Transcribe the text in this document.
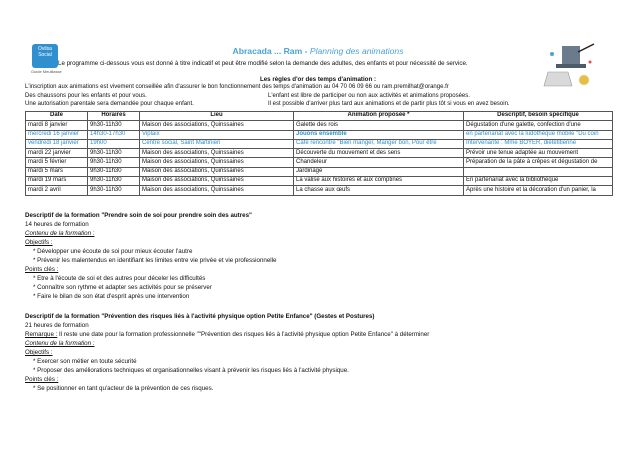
Ovilsa Social
Guide Meuillasse
Abracada ... Ram - Planning des animations
Le programme ci-dessous vous est donné à titre indicatif et peut être modifié selon la demande des adultes, des enfants et pour nécessité de service.
Les règles d'or des temps d'animation :
L'inscription aux animations est vivement conseillée afin d'assurer le bon fonctionnement des temps d'animation au 04 70 06 09 66 ou ram.premilhat@orange.fr
Des chaussons pour les enfants et pour vous.
Une autorisation parentale sera demandée pour chaque enfant.
L'enfant est libre de participer ou non aux activités et animations proposées.
Il est possible d'arriver plus tard aux animations et de partir plus tôt si vous en avez besoin.
Date	Horaires	Lieu	Animation proposée *	Descriptif, besoin spécifique
mardi 8 janvier	9h30-11h30	Maison des associations, Quinssaines	Galette des rois	Dégustation d'une galette, confection d'une
mercredi 16 janvier	14h30-17h30	Viplaix	Jouons ensemble	en partenariat avec la ludothèque mobile "Du coin
vendredi 18 janvier	19h00	Centre social, Saint Martinien	Café rencontre "Bien manger, Manger bon, Pour être	Intervenante : Mme BOYER, diététitienne
mardi 22 janvier	9h30-11h30	Maison des associations, Quinssaines	Découverte du mouvement et des sens	Prévoir une tenue adaptée au mouvement
mardi 5 février	9h30-11h30	Maison des associations, Quinssaines	Chandeleur	Préparation de la pâte à crêpes et dégustation de
mardi 5 mars	9h30-11h30	Maison des associations, Quinssaines	Jardinage	
mardi 19 mars	9h30-11h30	Maison des associations, Quinssaines	La valise aux histoires et aux comptines	En partenariat avec la bibliothèque
mardi 2 avril	9h30-11h30	Maison des associations, Quinssaines	La chasse aux œufs	Après une histoire et la décoration d'un panier, la
Descriptif de la formation "Prendre soin de soi pour prendre soin des autres"
14 heures de formation
Contenu de la formation :
Objectifs :
* Développer une écoute de soi pour mieux écouter l'autre
* Prévenir les malentendus en identifiant les limites entre vie privée et vie professionnelle
Points clés :
* Etre à l'écoute de soi et des autres pour déceler les difficultés
* Connaître son rythme et adapter ses activités pour se préserver
* Faire le bilan de son état d'esprit après une intervention
Descriptif de la formation "Prévention des risques liés à l'activité physique option Petite Enfance" (Gestes et Postures)
21 heures de formation
Remarque : Il reste une date pour la formation professionnelle ""Prévention des risques liés à l'activité physique option Petite Enfance" à déterminer
Contenu de la formation :
Objectifs :
* Exercer son métier en toute sécurité
* Proposer des améliorations techniques et organisationnelles visant à prévenir les risques liés à l'activité physique.
Points clés :
* Se positionner en tant qu'acteur de la prévention de ces risques.
